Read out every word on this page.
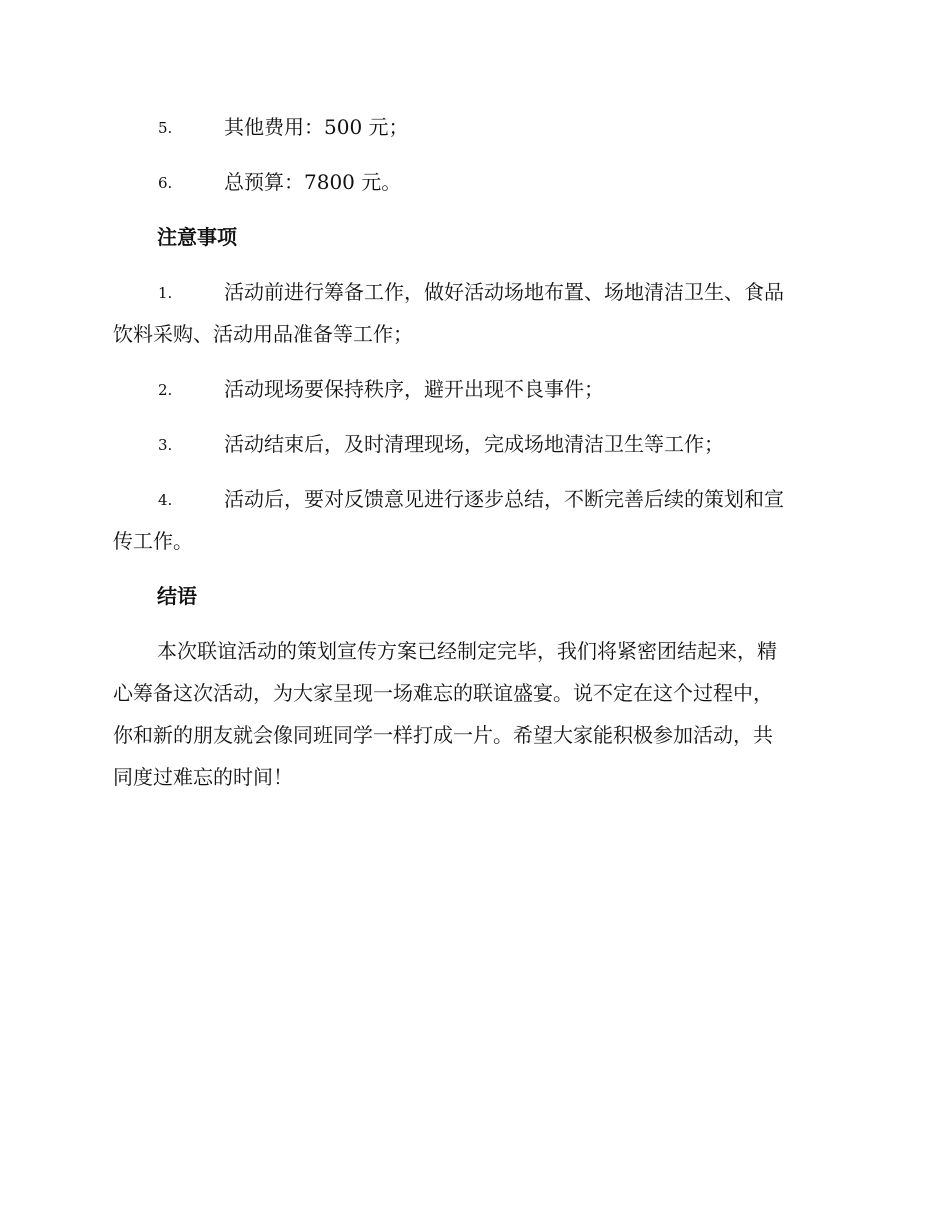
5.	其他费用：500 元；
6.	总预算：7800 元。
注意事项
1.	活动前进行筹备工作，做好活动场地布置、场地清洁卫生、食品
饮料采购、活动用品准备等工作；
2.	活动现场要保持秩序，避开出现不良事件；
3.	活动结束后，及时清理现场，完成场地清洁卫生等工作；
4.	活动后，要对反馈意见进行逐步总结，不断完善后续的策划和宣
传工作。
结语
本次联谊活动的策划宣传方案已经制定完毕，我们将紧密团结起来，精
心筹备这次活动，为大家呈现一场难忘的联谊盛宴。说不定在这个过程中，
你和新的朋友就会像同班同学一样打成一片。希望大家能积极参加活动，共
同度过难忘的时间！
